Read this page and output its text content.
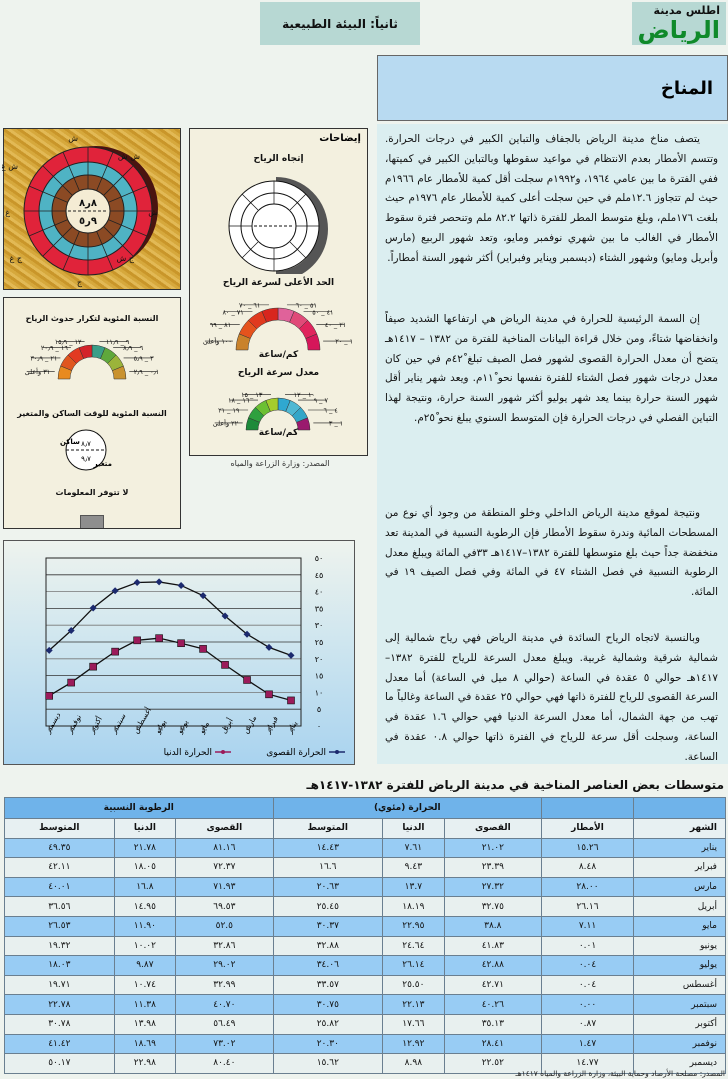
اطلس مدينة
الرياض
ثانياً: البيئة الطبيعية
المناخ

يتصف مناخ مدينة الرياض بالجفاف والتباين الكبير في درجات الحرارة. وتتسم الأمطار بعدم الانتظام في مواعيد سقوطها وبالتباين الكبير في كميتها، ففي الفترة ما بين عامي ١٩٦٤، و١٩٩٢م سجلت أقل كمية للأمطار عام ١٩٦٦م حيث لم تتجاوز ١٢.٦ملم في حين سجلت أعلى كمية للأمطار عام ١٩٧٦م حيث بلغت ١٧٦ملم، وبلغ متوسط المطر للفترة ذاتها ٨٢.٢ ملم وتنحصر فترة سقوط الأمطار في الغالب ما بين شهري نوفمبر ومايو، وتعد شهور الربيع (مارس وأبريل ومايو) وشهور الشتاء (ديسمبر ويناير وفبراير) أكثر شهور السنة أمطاراً.

إن السمة الرئيسية للحرارة في مدينة الرياض هي ارتفاعها الشديد صيفاً وانخفاضها شتاءً، ومن خلال قراءة البيانات المناخية للفترة من ١٣٨٢ – ١٤١٧هـ يتضح أن معدل الحرارة القصوى لشهور فصل الصيف تبلغ ٤٢ْم في حين كان معدل درجات شهور فصل الشتاء للفترة نفسها نحو ١١ْم. ويعد شهر يناير أقل شهور السنة حرارة بينما يعد شهر يوليو أكثر شهور السنة حرارة، ونتيجة لهذا التباين الفصلي في درجات الحرارة فإن المتوسط السنوي يبلغ نحو ٢٥ْم.

ونتيجة لموقع مدينة الرياض الداخلي وخلو المنطقة من وجود أي نوع من المسطحات المائية وندرة سقوط الأمطار فإن الرطوبة النسبية في المدينة تعد منخفضة جداً حيث بلغ متوسطها للفترة ١٣٨٢–١٤١٧هـ ٣٣في المائة ويبلغ معدل الرطوبة النسبية في فصل الشتاء ٤٧ في المائة وفي فصل الصيف ١٩ في المائة.

وبالنسبة لاتجاه الرياح السائدة في مدينة الرياض فهي رياح شمالية إلى شمالية شرقية وشمالية غربية. ويبلغ معدل السرعة للرياح للفترة ١٣٨٢– ١٤١٧هـ حوالي ٥ عقدة في الساعة (حوالي ٨ ميل في الساعة) أما معدل السرعة القصوى للرياح للفترة ذاتها فهي حوالي ٢٥ عقدة في الساعة وغالباً ما تهب من جهة الشمال، أما معدل السرعة الدنيا فهي حوالي ١.٦ عقدة في الساعة، وسجلت أقل سرعة للرياح في الفترة ذاتها حوالي ٠.٨ عقدة في الساعة.

٨ر٨
٩ر٥
ش
ش ش
ش
ج ش
ج
ج غ
غ
ش غ
إيضاحات
إتجاه الرياح
الحد الأعلى لسرعة الرياح
١ _ ٢٠
٢١ _ ٤٠
٤١ _ ٥٠
٥١ _ ٦٠
٦١ _ ٧٠
٧١ _ ٨٠
٨١ _ ٩٩
١٠٠ وأعلى
كم/ساعة
معدل سرعة الرياح
١ _ ٣
٤ _ ٦
٧ _ ٩
١٠ _ ١٢
١٣ _ ١٥
١٦ _ ١٨
١٩ _ ٢١
٢٢ وأعلى
كم/ساعة
المصدر: وزارة الزراعة والمياه
النسبة المئوية لتكرار حدوث الرياح
٠٫١ _ ٢٫٩
٣ _ ٥٫٩
٦ _ ٨٫٩
٩ _ ١١٫٩
١٢ _ ١٥٫٩
١٦ _ ٢٠٫٩
٢١ _ ٣٠٫٩
٣١ وأعلى
النسبة المئوية للوقت الساكن والمتغير
٨٫٧
٩٫٧
ساكن
متغير
لا تتوفر المعلومات
٠
٥
١٠
١٥
٢٠
٢٥
٣٠
٣٥
٤٠
٤٥
٥٠
يناير
فبراير
مارس
أبريل
مايو
يونيو
يوليو
أغسطس
سبتمبر
أكتوبر
نوفمبر
ديسمبر
الحرارة القصوى
الحرارة الدنيا
متوسطات بعض العناصر المناخية في مدينة الرياض للفترة ١٣٨٢-١٤١٧هـ
		الحرارة (مئوي)			الرطوبة النسبية		
الشهر	الأمطار	القصوى	الدنيا	المتوسط	القصوى	الدنيا	المتوسط
يناير	١٥.٢٦	٢١.٠٢	٧.٦١	١٤.٤٣	٨١.١٦	٢١.٧٨	٤٩.٣٥
فبراير	٨.٤٨	٢٣.٣٩	٩.٤٣	١٦.٦	٧٢.٣٧	١٨.٠٥	٤٢.١١
مارس	٢٨.٠٠	٢٧.٣٢	١٣.٧	٢٠.٦٣	٧١.٩٣	١٦.٨	٤٠.٠١
أبريل	٢٦.١٦	٣٢.٧٥	١٨.١٩	٢٥.٤٥	٦٩.٥٣	١٤.٩٥	٣٦.٥٦
مايو	٧.١١	٣٨.٨	٢٢.٩٥	٣٠.٣٧	٥٢.٥	١١.٩٠	٢٦.٥٣
يونيو	٠.٠١	٤١.٨٣	٢٤.٦٤	٣٢.٨٨	٣٢.٨٦	١٠.٠٢	١٩.٣٢
يوليو	٠.٠٤	٤٢.٨٨	٢٦.١٤	٣٤.٠٦	٢٩.٠٢	٩.٨٧	١٨.٠٣
أغسطس	٠.٠٤	٤٢.٧١	٢٥.٥٠	٣٣.٥٧	٣٢.٩٩	١٠.٧٤	١٩.٧١
سبتمبر	٠.٠٠	٤٠.٢٦	٢٢.١٣	٣٠.٧٥	٤٠.٧٠	١١.٣٨	٢٢.٧٨
أكتوبر	٠.٨٧	٣٥.١٣	١٧.٦٦	٢٥.٨٢	٥٦.٤٩	١٣.٩٨	٣٠.٧٨
نوفمبر	١.٤٧	٢٨.٤١	١٢.٩٢	٢٠.٣٠	٧٣.٠٢	١٨.٦٩	٤١.٤٢
ديسمبر	١٤.٧٧	٢٢.٥٢	٨.٩٨	١٥.٦٢	٨٠.٤٠	٢٢.٩٨	٥٠.١٧
المصدر: مصلحة الأرصاد وحماية البيئة، وزارة الزراعة والمياه ١٤١٧هـ
